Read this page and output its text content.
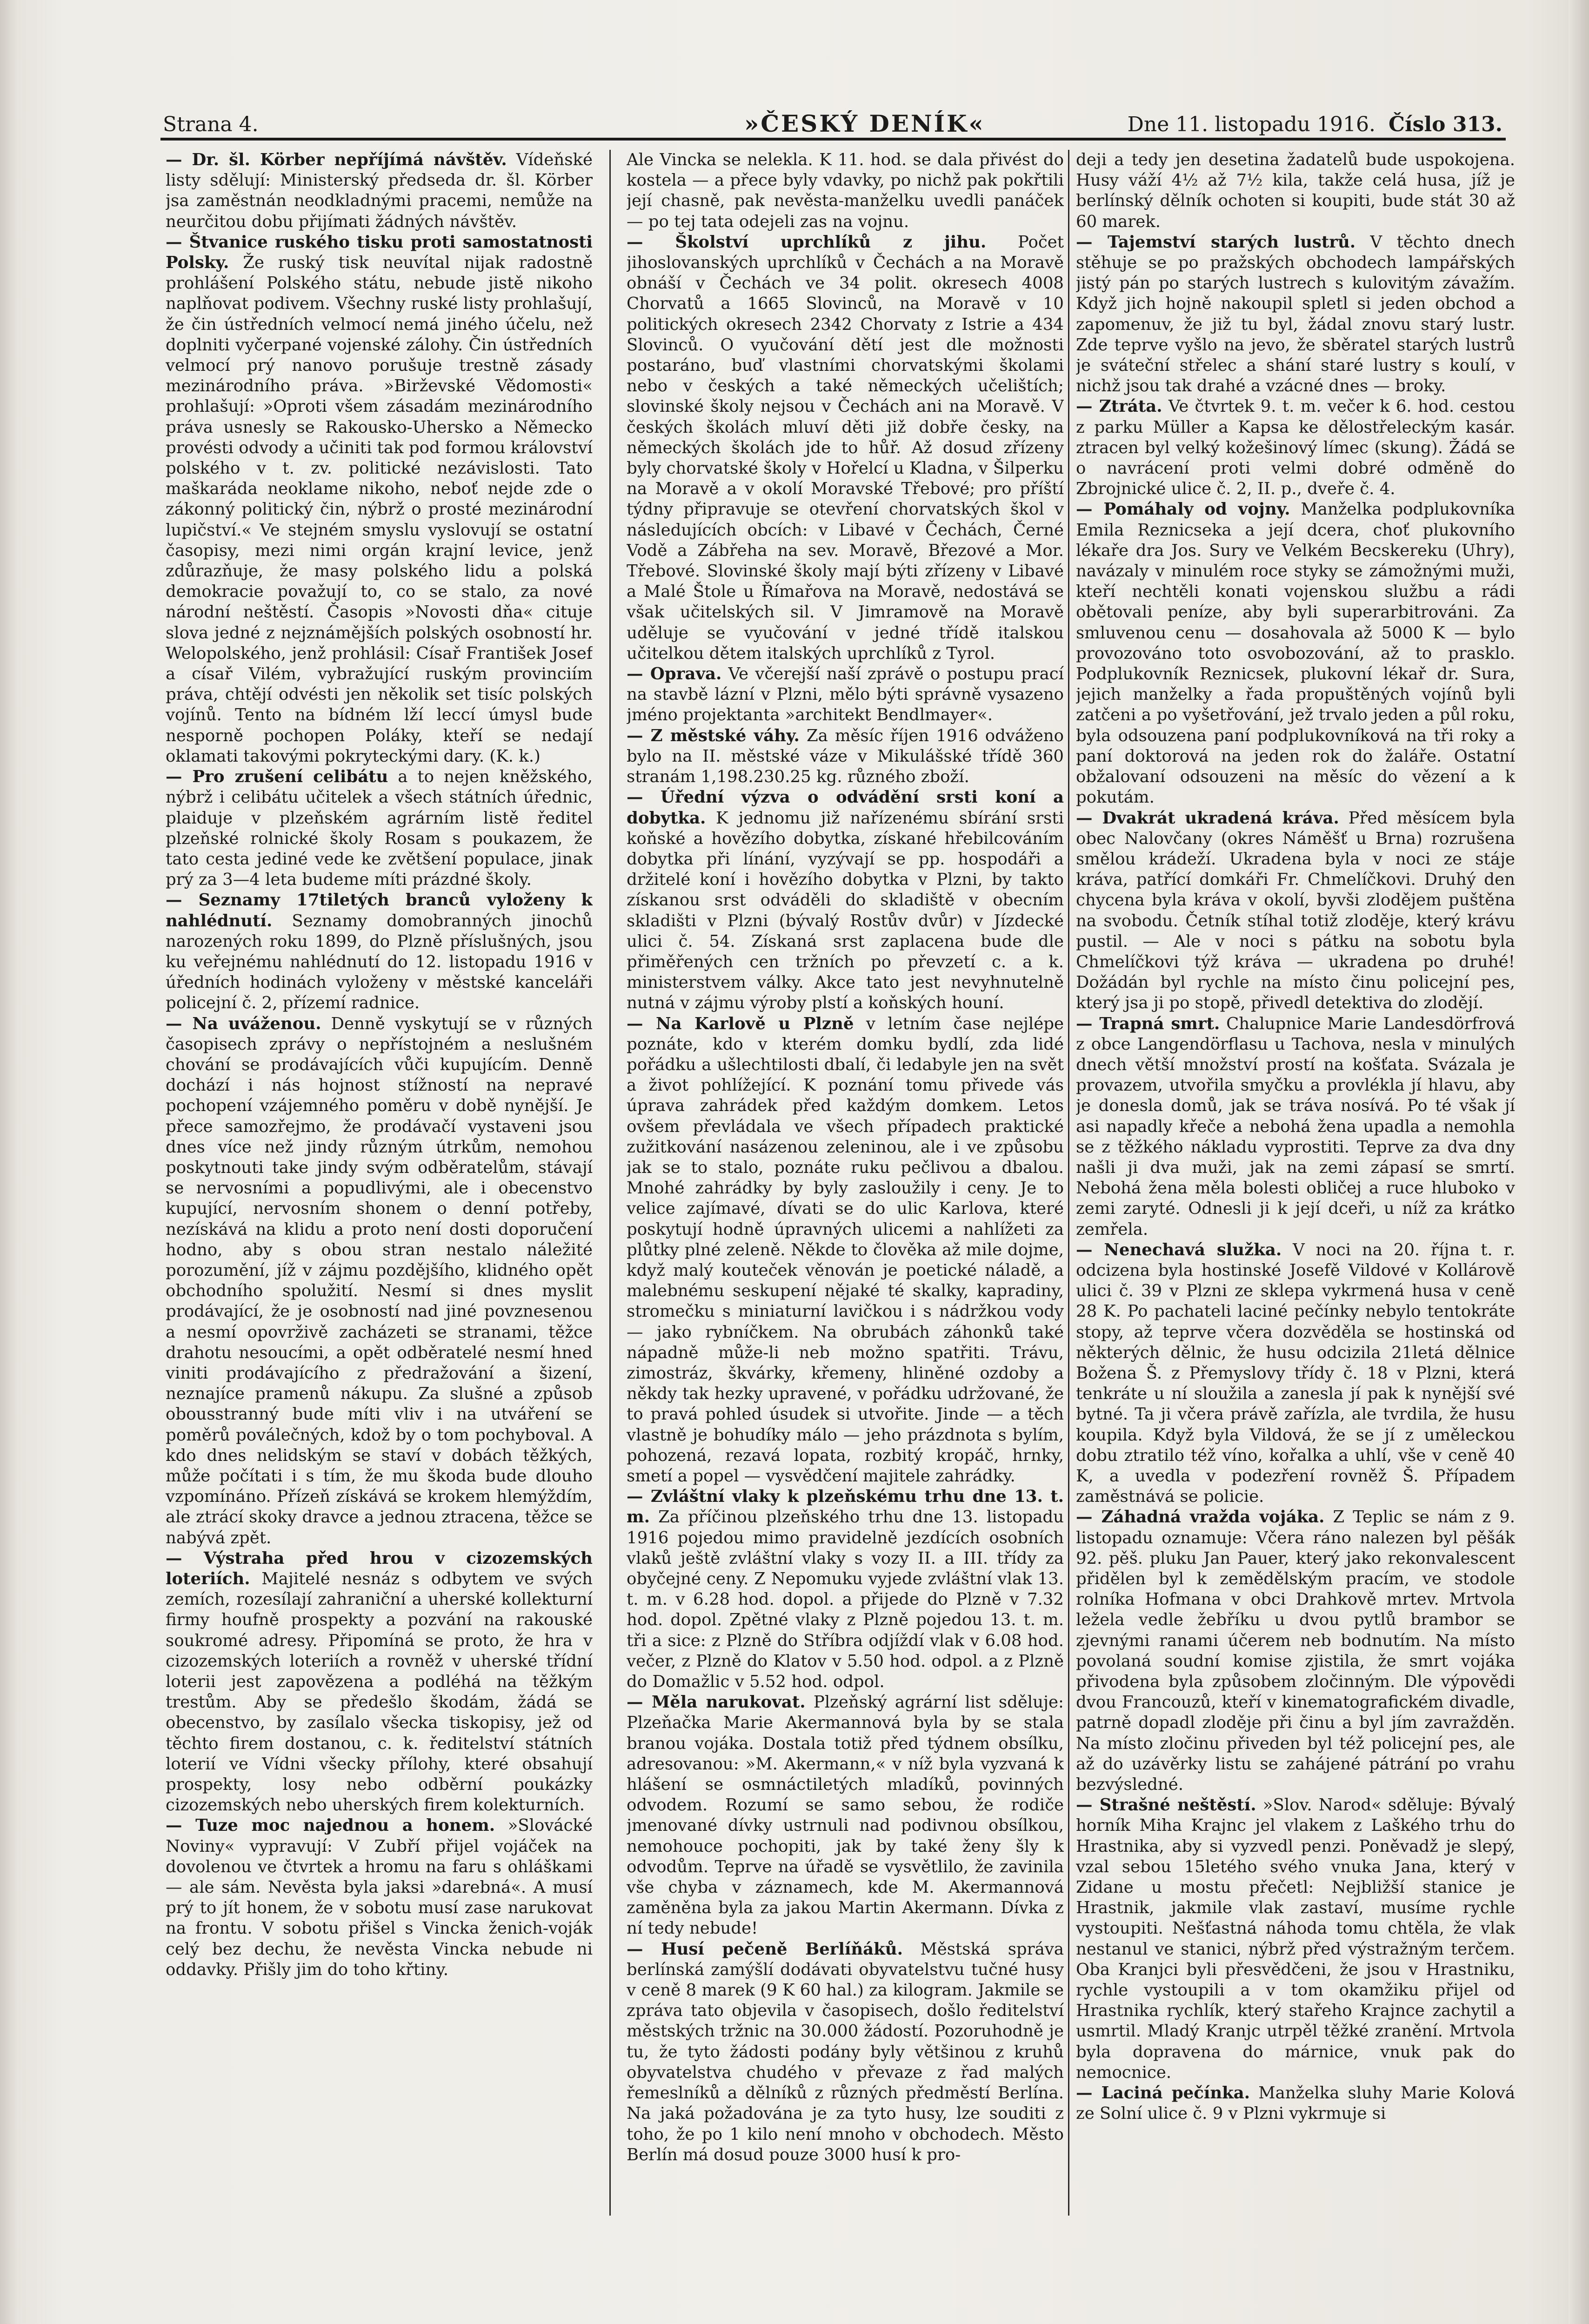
Strana 4.	»ČESKÝ DENÍK«	Dne 11. listopadu 1916. Číslo 313.

— Dr. šl. Körber nepříjímá návštěv. Vídeňské listy sdělují: Ministerský předseda dr. šl. Körber jsa zaměstnán neodkladnými pracemi, nemůže na neurčitou dobu přijímati žádných návštěv.

— Štvanice ruského tisku proti samostatnosti Polsky. Že ruský tisk neuvítal nijak radostně prohlášení Polského státu, nebude jistě nikoho naplňovat podivem. Všechny ruské listy prohlašují, že čin ústředních velmocí nemá jiného účelu, než doplniti vyčerpané vojenské zálohy. Čin ústředních velmocí prý nanovo porušuje trestně zásady mezinárodního práva. »Birževské Vědomosti« prohlašují: »Oproti všem zásadám mezinárodního práva usnesly se Rakousko-Uhersko a Německo provésti odvody a učiniti tak pod formou království polského v t. zv. politické nezávislosti. Tato maškaráda neoklame nikoho, neboť nejde zde o zákonný politický čin, nýbrž o prosté mezinárodní lupičství.« Ve stejném smyslu vyslovují se ostatní časopisy, mezi nimi orgán krajní levice, jenž zdůrazňuje, že masy polského lidu a polská demokracie považují to, co se stalo, za nové národní neštěstí. Časopis »Novosti dňa« cituje slova jedné z nejznámějších polských osobností hr. Welopolského, jenž prohlásil: Císař František Josef a císař Vilém, vybražující ruským provinciím práva, chtějí odvésti jen několik set tisíc polských vojínů. Tento na bídném lží leccí úmysl bude nesporně pochopen Poláky, kteří se nedají oklamati takovými pokryteckými dary. (K. k.)

— Pro zrušení celibátu a to nejen kněžského, nýbrž i celibátu učitelek a všech státních úřednic, plaiduje v plzeňském agrárním listě ředitel plzeňské rolnické školy Rosam s poukazem, že tato cesta jediné vede ke zvětšení populace, jinak prý za 3—4 leta budeme míti prázdné školy.

— Seznamy 17tiletých branců vyloženy k nahlédnutí. Seznamy domobranných jinochů narozených roku 1899, do Plzně příslušných, jsou ku veřejnému nahlédnutí do 12. listopadu 1916 v úředních hodinách vyloženy v městské kanceláři policejní č. 2, přízemí radnice.

— Na uváženou. Denně vyskytují se v různých časopisech zprávy o nepřístojném a neslušném chování se prodávajících vůči kupujícím. Denně dochází i nás hojnost stížností na nepravé pochopení vzájemného poměru v době nynější. Je přece samozřejmo, že prodávačí vystaveni jsou dnes více než jindy různým útrkům, nemohou poskytnouti take jindy svým odběratelům, stávají se nervosními a popudlivými, ale i obecenstvo kupující, nervosním shonem o denní potřeby, nezískává na klidu a proto není dosti doporučení hodno, aby s obou stran nestalo náležité porozumění, jíž v zájmu pozdějšího, klidného opět obchodního spolužití. Nesmí si dnes myslit prodávající, že je osobností nad jiné povznesenou a nesmí opovrživě zacházeti se stranami, těžce drahotu nesoucími, a opět odběratelé nesmí hned viniti prodávajícího z předražování a šizení, neznajíce pramenů nákupu. Za slušné a způsob obousstranný bude míti vliv i na utváření se poměrů poválečných, kdož by o tom pochyboval. A kdo dnes nelidským se staví v dobách těžkých, může počítati i s tím, že mu škoda bude dlouho vzpomínáno. Přízeň získává se krokem hlemýždím, ale ztrácí skoky dravce a jednou ztracena, těžce se nabývá zpět.

— Výstraha před hrou v cizozemských loteriích. Majitelé nesnáz s odbytem ve svých zemích, rozesílají zahraniční a uherské kollekturní firmy houfně prospekty a pozvání na rakouské soukromé adresy. Připomíná se proto, že hra v cizozemských loteriích a rovněž v uherské třídní loterii jest zapovězena a podléhá na těžkým trestům. Aby se předešlo škodám, žádá se obecenstvo, by zasílalo všecka tiskopisy, jež od těchto firem dostanou, c. k. ředitelství státních loterií ve Vídni všecky přílohy, které obsahují prospekty, losy nebo odběrní poukázky cizozemských nebo uherských firem kolekturních.

— Tuze moc najednou a honem. »Slovácké Noviny« vypravují: V Zubří přijel vojáček na dovolenou ve čtvrtek a hromu na faru s ohláškami — ale sám. Nevěsta byla jaksi »darebná«. A musí prý to jít honem, že v sobotu musí zase narukovat na frontu. V sobotu přišel s Vincka ženich-voják celý bez dechu, že nevěsta Vincka nebude ni oddavky. Přišly jim do toho křtiny.

Ale Vincka se nelekla. K 11. hod. se dala přivést do kostela — a přece byly vdavky, po nichž pak pokřtili její chasně, pak nevěsta-manželku uvedli panáček — po tej tata odejeli zas na vojnu.

— Školství uprchlíků z jihu. Počet jihoslovanských uprchlíků v Čechách a na Moravě obnáší v Čechách ve 34 polit. okresech 4008 Chorvatů a 1665 Slovinců, na Moravě v 10 politických okresech 2342 Chorvaty z Istrie a 434 Slovinců. O vyučování dětí jest dle možnosti postaráno, buď vlastními chorvatskými školami nebo v českých a také německých učelištích; slovinské školy nejsou v Čechách ani na Moravě. V českých školách mluví děti již dobře česky, na německých školách jde to hůř. Až dosud zřízeny byly chorvatské školy v Hořelcí u Kladna, v Šilperku na Moravě a v okolí Moravské Třebové; pro příští týdny připravuje se otevření chorvatských škol v následujících obcích: v Libavé v Čechách, Černé Vodě a Zábřeha na sev. Moravě, Březové a Mor. Třebové. Slovinské školy mají býti zřízeny v Libavé a Malé Štole u Římařova na Moravě, nedostává se však učitelských sil. V Jimramově na Moravě uděluje se vyučování v jedné třídě italskou učitelkou dětem italských uprchlíků z Tyrol.

— Oprava. Ve včerejší naší zprávě o postupu prací na stavbě lázní v Plzni, mělo býti správně vysazeno jméno projektanta »architekt Bendlmayer«.

— Z městské váhy. Za měsíc říjen 1916 odváženo bylo na II. městské váze v Mikulášské třídě 360 stranám 1,198.230.25 kg. různého zboží.

— Úřední výzva o odvádění srsti koní a dobytka. K jednomu již nařízenému sbírání srsti koňské a hovězího dobytka, získané hřebilcováním dobytka při línání, vyzývají se pp. hospodáři a držitelé koní i hovězího dobytka v Plzni, by takto získanou srst odváděli do skladiště v obecním skladišti v Plzni (bývalý Rostův dvůr) v Jízdecké ulici č. 54. Získaná srst zaplacena bude dle přiměřených cen tržních po převzetí c. a k. ministerstvem války. Akce tato jest nevyhnutelně nutná v zájmu výroby plstí a koňských houní.

— Na Karlově u Plzně v letním čase nejlépe poznáte, kdo v kterém domku bydlí, zda lidé pořádku a ušlechtilosti dbalí, či ledabyle jen na svět a život pohlížející. K poznání tomu přivede vás úprava zahrádek před každým domkem. Letos ovšem převládala ve všech případech praktické zužitkování nasázenou zeleninou, ale i ve způsobu jak se to stalo, poznáte ruku pečlivou a dbalou. Mnohé zahrádky by byly zasloužily i ceny. Je to velice zajímavé, dívati se do ulic Karlova, které poskytují hodně úpravných ulicemi a nahlížeti za plůtky plné zeleně. Někde to člověka až mile dojme, když malý kouteček věnován je poetické náladě, a malebnému seskupení nějaké té skalky, kapradiny, stromečku s miniaturní lavičkou i s nádržkou vody — jako rybníčkem. Na obrubách záhonků také nápadně může-li neb možno spatřiti. Trávu, zimostráz, škvárky, křemeny, hliněné ozdoby a někdy tak hezky upravené, v pořádku udržované, že to pravá pohled úsudek si utvořite. Jinde — a těch vlastně je bohudíky málo — jeho prázdnota s bylím, pohozená, rezavá lopata, rozbitý kropáč, hrnky, smetí a popel — vysvědčení majitele zahrádky.

— Zvláštní vlaky k plzeňskému trhu dne 13. t. m. Za příčinou plzeňského trhu dne 13. listopadu 1916 pojedou mimo pravidelně jezdících osobních vlaků ještě zvláštní vlaky s vozy II. a III. třídy za obyčejné ceny. Z Nepomuku vyjede zvláštní vlak 13. t. m. v 6.28 hod. dopol. a přijede do Plzně v 7.32 hod. dopol. Zpětné vlaky z Plzně pojedou 13. t. m. tři a sice: z Plzně do Stříbra odjíždí vlak v 6.08 hod. večer, z Plzně do Klatov v 5.50 hod. odpol. a z Plzně do Domažlic v 5.52 hod. odpol.

— Měla narukovat. Plzeňský agrární list sděluje: Plzeňačka Marie Akermannová byla by se stala branou vojáka. Dostala totiž před týdnem obsílku, adresovanou: »M. Akermann,« v níž byla vyzvaná k hlášení se osmnáctiletých mladíků, povinných odvodem. Rozumí se samo sebou, že rodiče jmenované dívky ustrnuli nad podivnou obsílkou, nemohouce pochopiti, jak by také ženy šly k odvodům. Teprve na úřadě se vysvětlilo, že zavinila vše chyba v záznamech, kde M. Akermannová zaměněna byla za jakou Martin Akermann. Dívka z ní tedy nebude!

— Husí pečeně Berlíňáků. Městská správa berlínská zamýšlí dodávati obyvatelstvu tučné husy v ceně 8 marek (9 K 60 hal.) za kilogram. Jakmile se zpráva tato objevila v časopisech, došlo ředitelství městských tržnic na 30.000 žádostí. Pozoruhodně je tu, že tyto žádosti podány byly většinou z kruhů obyvatelstva chudého v převaze z řad malých řemeslníků a dělníků z různých předměstí Berlína. Na jaká požadována je za tyto husy, lze souditi z toho, že po 1 kilo není mnoho v obchodech. Město Berlín má dosud pouze 3000 husí k pro-

deji a tedy jen desetina žadatelů bude uspokojena. Husy váží 4½ až 7½ kila, takže celá husa, jíž je berlínský dělník ochoten si koupiti, bude stát 30 až 60 marek.

— Tajemství starých lustrů. V těchto dnech stěhuje se po pražských obchodech lampářských jistý pán po starých lustrech s kulovitým závažím. Když jich hojně nakoupil spletl si jeden obchod a zapomenuv, že již tu byl, žádal znovu starý lustr. Zde teprve vyšlo na jevo, že sběratel starých lustrů je sváteční střelec a shání staré lustry s koulí, v nichž jsou tak drahé a vzácné dnes — broky.

— Ztráta. Ve čtvrtek 9. t. m. večer k 6. hod. cestou z parku Müller a Kapsa ke dělostřeleckým kasár. ztracen byl velký kožešinový límec (skung). Žádá se o navrácení proti velmi dobré odměně do Zbrojnické ulice č. 2, II. p., dveře č. 4.

— Pomáhaly od vojny. Manželka podplukovníka Emila Reznicseka a její dcera, choť plukovního lékaře dra Jos. Sury ve Velkém Becskereku (Uhry), navázaly v minulém roce styky se zámožnými muži, kteří nechtěli konati vojenskou službu a rádi obětovali peníze, aby byli superarbitrováni. Za smluvenou cenu — dosahovala až 5000 K — bylo provozováno toto osvobozování, až to prasklo. Podplukovník Reznicsek, plukovní lékař dr. Sura, jejich manželky a řada propuštěných vojínů byli zatčeni a po vyšetřování, jež trvalo jeden a půl roku, byla odsouzena paní podplukovníková na tři roky a paní doktorová na jeden rok do žaláře. Ostatní obžalovaní odsouzeni na měsíc do vězení a k pokutám.

— Dvakrát ukradená kráva. Před měsícem byla obec Nalovčany (okres Náměšť u Brna) rozrušena smělou krádeží. Ukradena byla v noci ze stáje kráva, patřící domkáři Fr. Chmelíčkovi. Druhý den chycena byla kráva v okolí, byvši zlodějem puštěna na svobodu. Četník stíhal totiž zloděje, který krávu pustil. — Ale v noci s pátku na sobotu byla Chmelíčkovi týž kráva — ukradena po druhé! Dožádán byl rychle na místo činu policejní pes, který jsa ji po stopě, přivedl detektiva do zlodějí.

— Trapná smrt. Chalupnice Marie Landesdörfrová z obce Langendörflasu u Tachova, nesla v minulých dnech větší množství prostí na košťata. Svázala je provazem, utvořila smyčku a provlékla jí hlavu, aby je donesla domů, jak se tráva nosívá. Po té však jí asi napadly křeče a nebohá žena upadla a nemohla se z těžkého nákladu vyprostiti. Teprve za dva dny našli ji dva muži, jak na zemi zápasí se smrtí. Nebohá žena měla bolesti obličej a ruce hluboko v zemi zaryté. Odnesli ji k její dceři, u níž za krátko zemřela.

— Nenechavá služka. V noci na 20. října t. r. odcizena byla hostinské Josefě Vildové v Kollárově ulici č. 39 v Plzni ze sklepa vykrmená husa v ceně 28 K. Po pachateli laciné pečínky nebylo tentokráte stopy, až teprve včera dozvěděla se hostinská od některých dělnic, že husu odcizila 21letá dělnice Božena Š. z Přemyslovy třídy č. 18 v Plzni, která tenkráte u ní sloužila a zanesla jí pak k nynější své bytné. Ta ji včera právě zařízla, ale tvrdila, že husu koupila. Když byla Vildová, že se jí z uměleckou dobu ztratilo též víno, kořalka a uhlí, vše v ceně 40 K, a uvedla v podezření rovněž Š. Případem zaměstnává se policie.

— Záhadná vražda vojáka. Z Teplic se nám z 9. listopadu oznamuje: Včera ráno nalezen byl pěšák 92. pěš. pluku Jan Pauer, který jako rekonvalescent přidělen byl k zemědělským pracím, ve stodole rolníka Hofmana v obci Drahkově mrtev. Mrtvola ležela vedle žebříku u dvou pytlů brambor se zjevnými ranami účerem neb bodnutím. Na místo povolaná soudní komise zjistila, že smrt vojáka přivodena byla způsobem zločinným. Dle výpovědi dvou Francouzů, kteří v kinematografickém divadle, patrně dopadl zloděje při činu a byl jím zavražděn. Na místo zločinu přiveden byl též policejní pes, ale až do uzávěrky listu se zahájené pátrání po vrahu bezvýsledné.

— Strašné neštěstí. »Slov. Narod« sděluje: Bývalý horník Miha Krajnc jel vlakem z Laškého trhu do Hrastnika, aby si vyzvedl penzi. Poněvadž je slepý, vzal sebou 15letého svého vnuka Jana, který v Zidane u mostu přečetl: Nejbližší stanice je Hrastnik, jakmile vlak zastaví, musíme rychle vystoupiti. Nešťastná náhoda tomu chtěla, že vlak nestanul ve stanici, nýbrž před výstražným terčem. Oba Kranjci byli přesvědčeni, že jsou v Hrastniku, rychle vystoupili a v tom okamžiku přijel od Hrastnika rychlík, který stařeho Krajnce zachytil a usmrtil. Mladý Kranjc utrpěl těžké zranění. Mrtvola byla dopravena do márnice, vnuk pak do nemocnice.

— Laciná pečínka. Manželka sluhy Marie Kolová ze Solní ulice č. 9 v Plzni vykrmuje si
